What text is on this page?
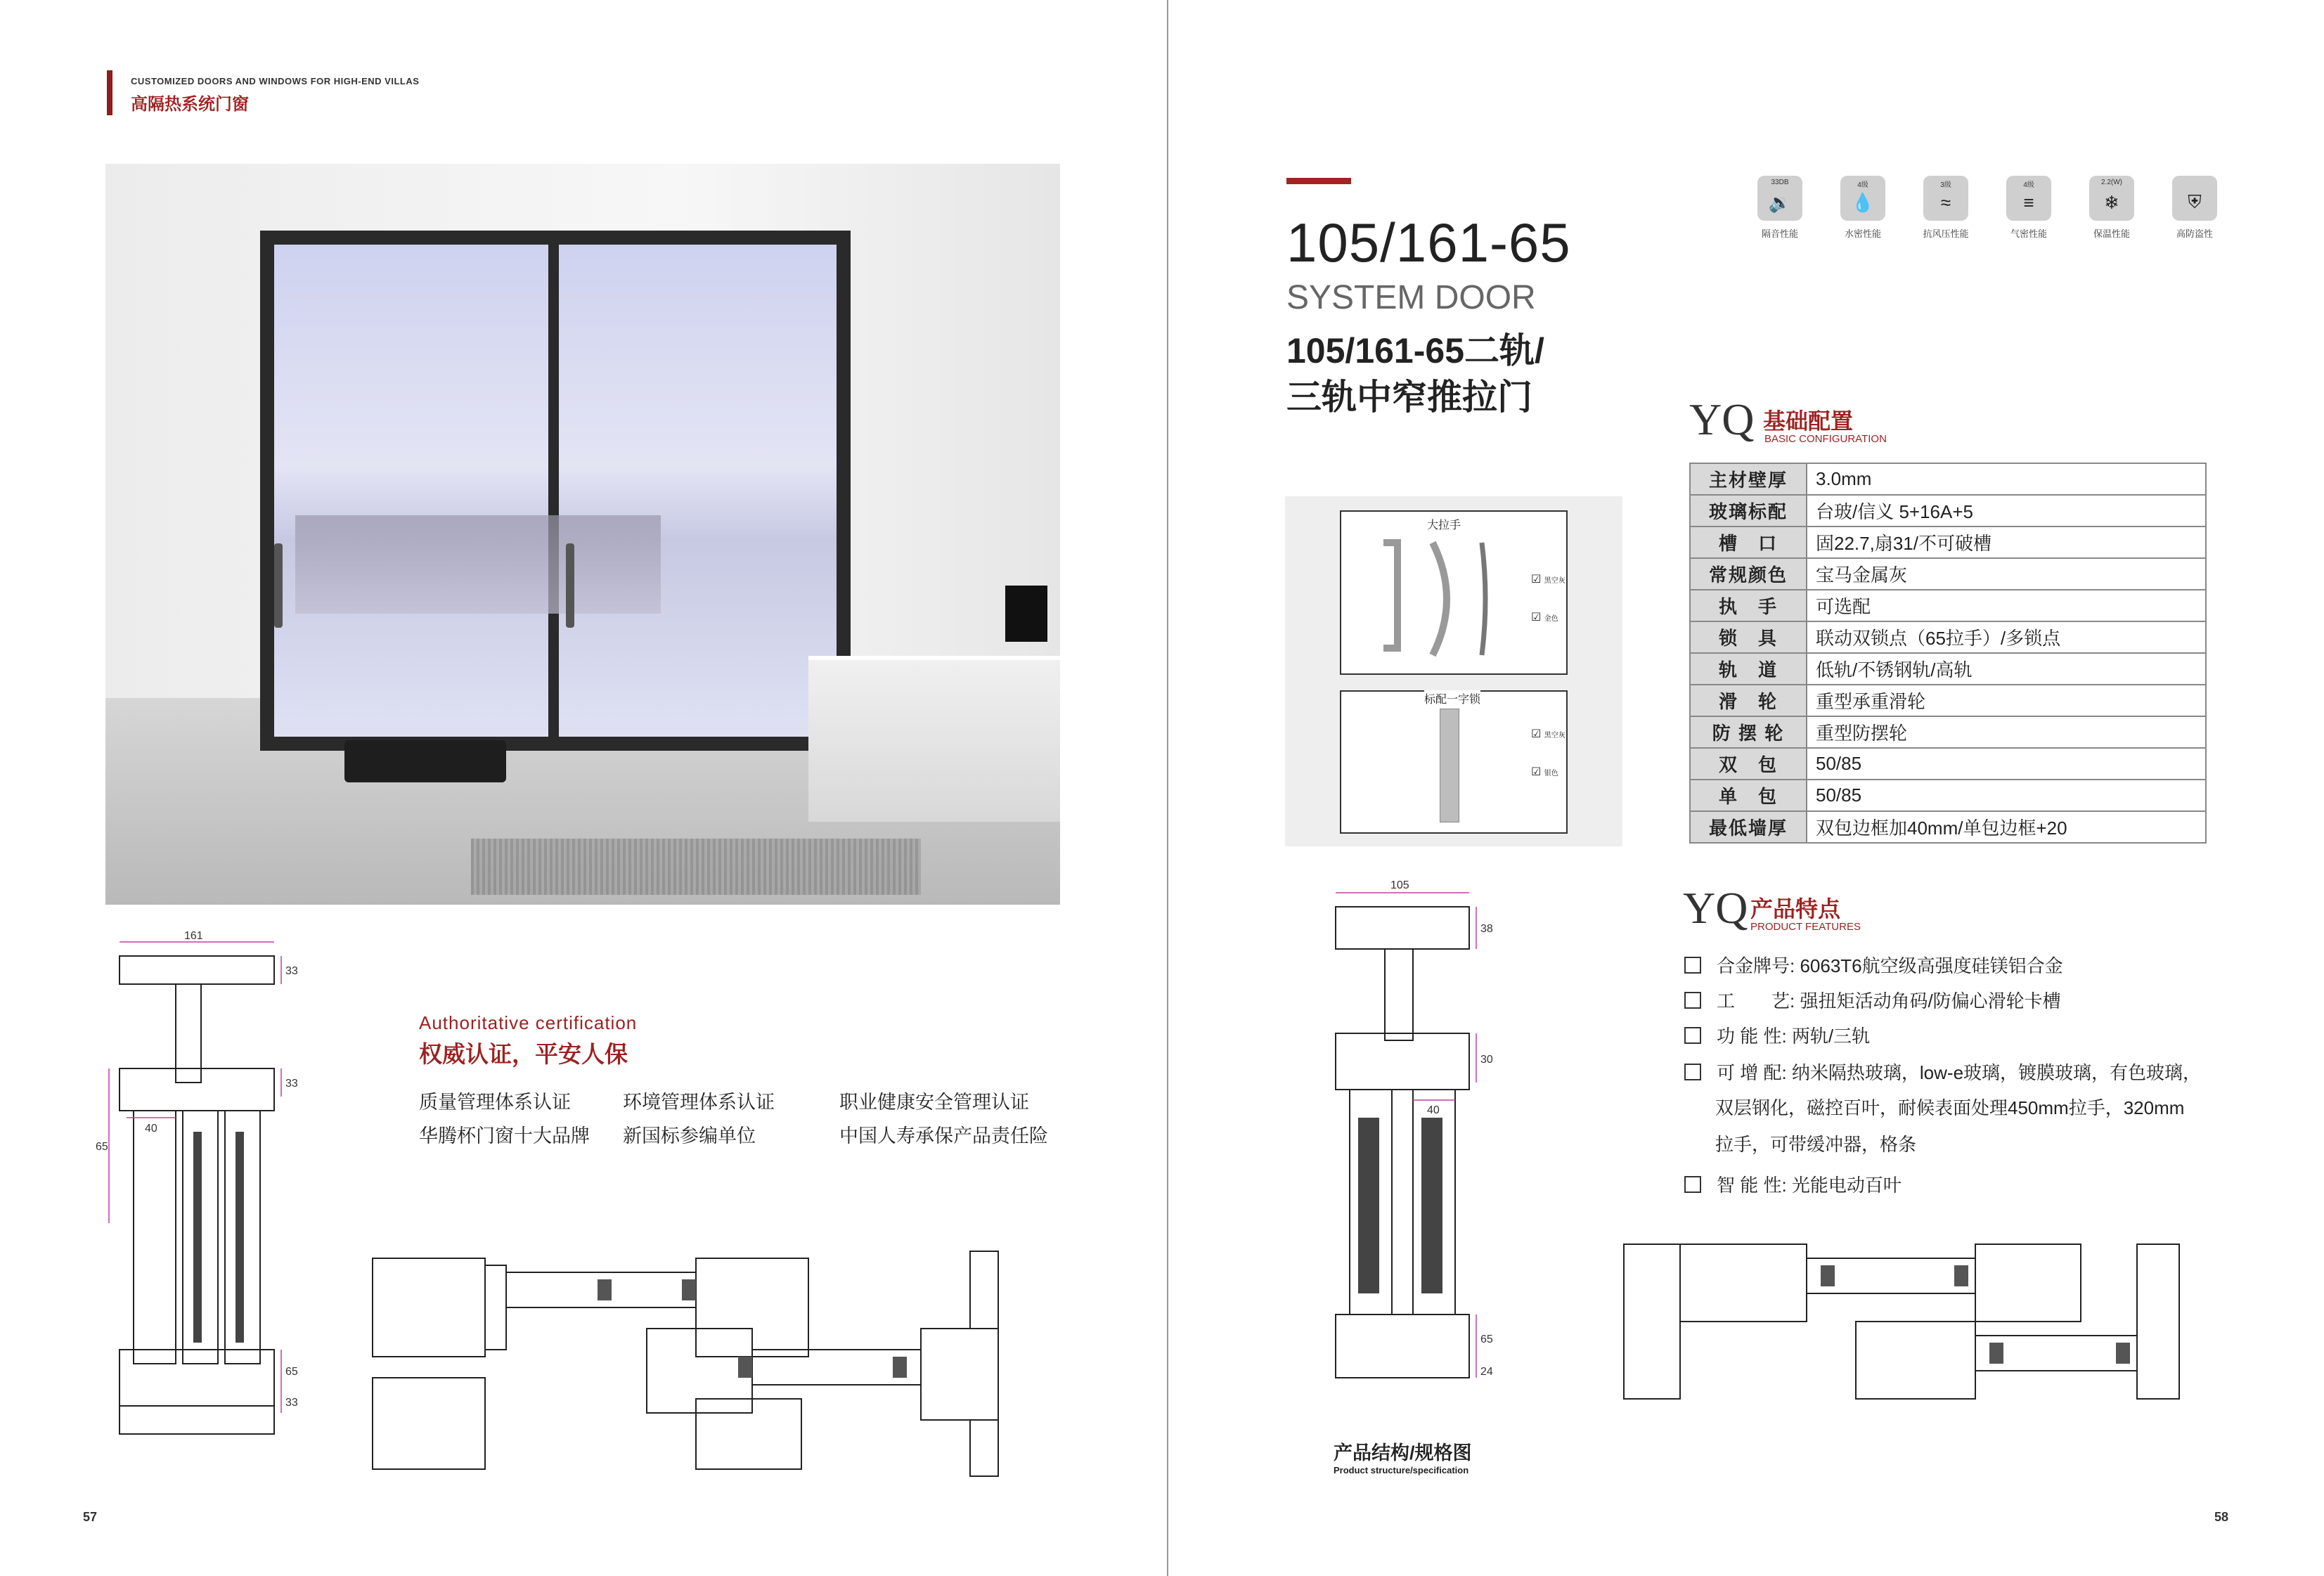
CUSTOMIZED DOORS AND WINDOWS FOR HIGH-END VILLAS
高隔热系统门窗
161
33
33
65
40
65
33
Authoritative certification
权威认证，平安人保
质量管理体系认证	环境管理体系认证	职业健康安全管理认证
华腾杯门窗十大品牌 新国标参编单位	中国人寿承保产品责任险
57
105/161-65
SYSTEM DOOR
105/161-65二轨/
三轨中窄推拉门
33DB
🔉
隔音性能
4级
💧
水密性能
3级
≈
抗风压性能
4级
≡
气密性能
2.2(W)
❄
保温性能
⛨
高防盗性
YQ 基础配置
BASIC CONFIGURATION
主材壁厚	3.0mm
玻璃标配	台玻/信义 5+16A+5
槽　口	固22.7,扇31/不可破槽
常规颜色	宝马金属灰
执　手	可选配
锁　具	联动双锁点（65拉手）/多锁点
轨　道	低轨/不锈钢轨/高轨
滑　轮	重型承重滑轮
防 摆 轮	重型防摆轮
双　包	50/85
单　包	50/85
最低墙厚	双包边框加40mm/单包边框+20
大拉手
☑ 黑空灰
☑ 金色
标配一字锁
☑ 黑空灰
☑ 银色
105
38
30
40
65
24
产品结构/规格图
Product structure/specification
YQ 产品特点
PRODUCT FEATURES
合金牌号: 6063T6航空级高强度硅镁铝合金
工　　艺: 强扭矩活动角码/防偏心滑轮卡槽
功 能 性: 两轨/三轨
可 增 配: 纳米隔热玻璃，low-e玻璃，镀膜玻璃，有色玻璃，
双层钢化，磁控百叶，耐候表面处理450mm拉手，320mm
拉手，可带缓冲器，格条
智 能 性: 光能电动百叶
58
